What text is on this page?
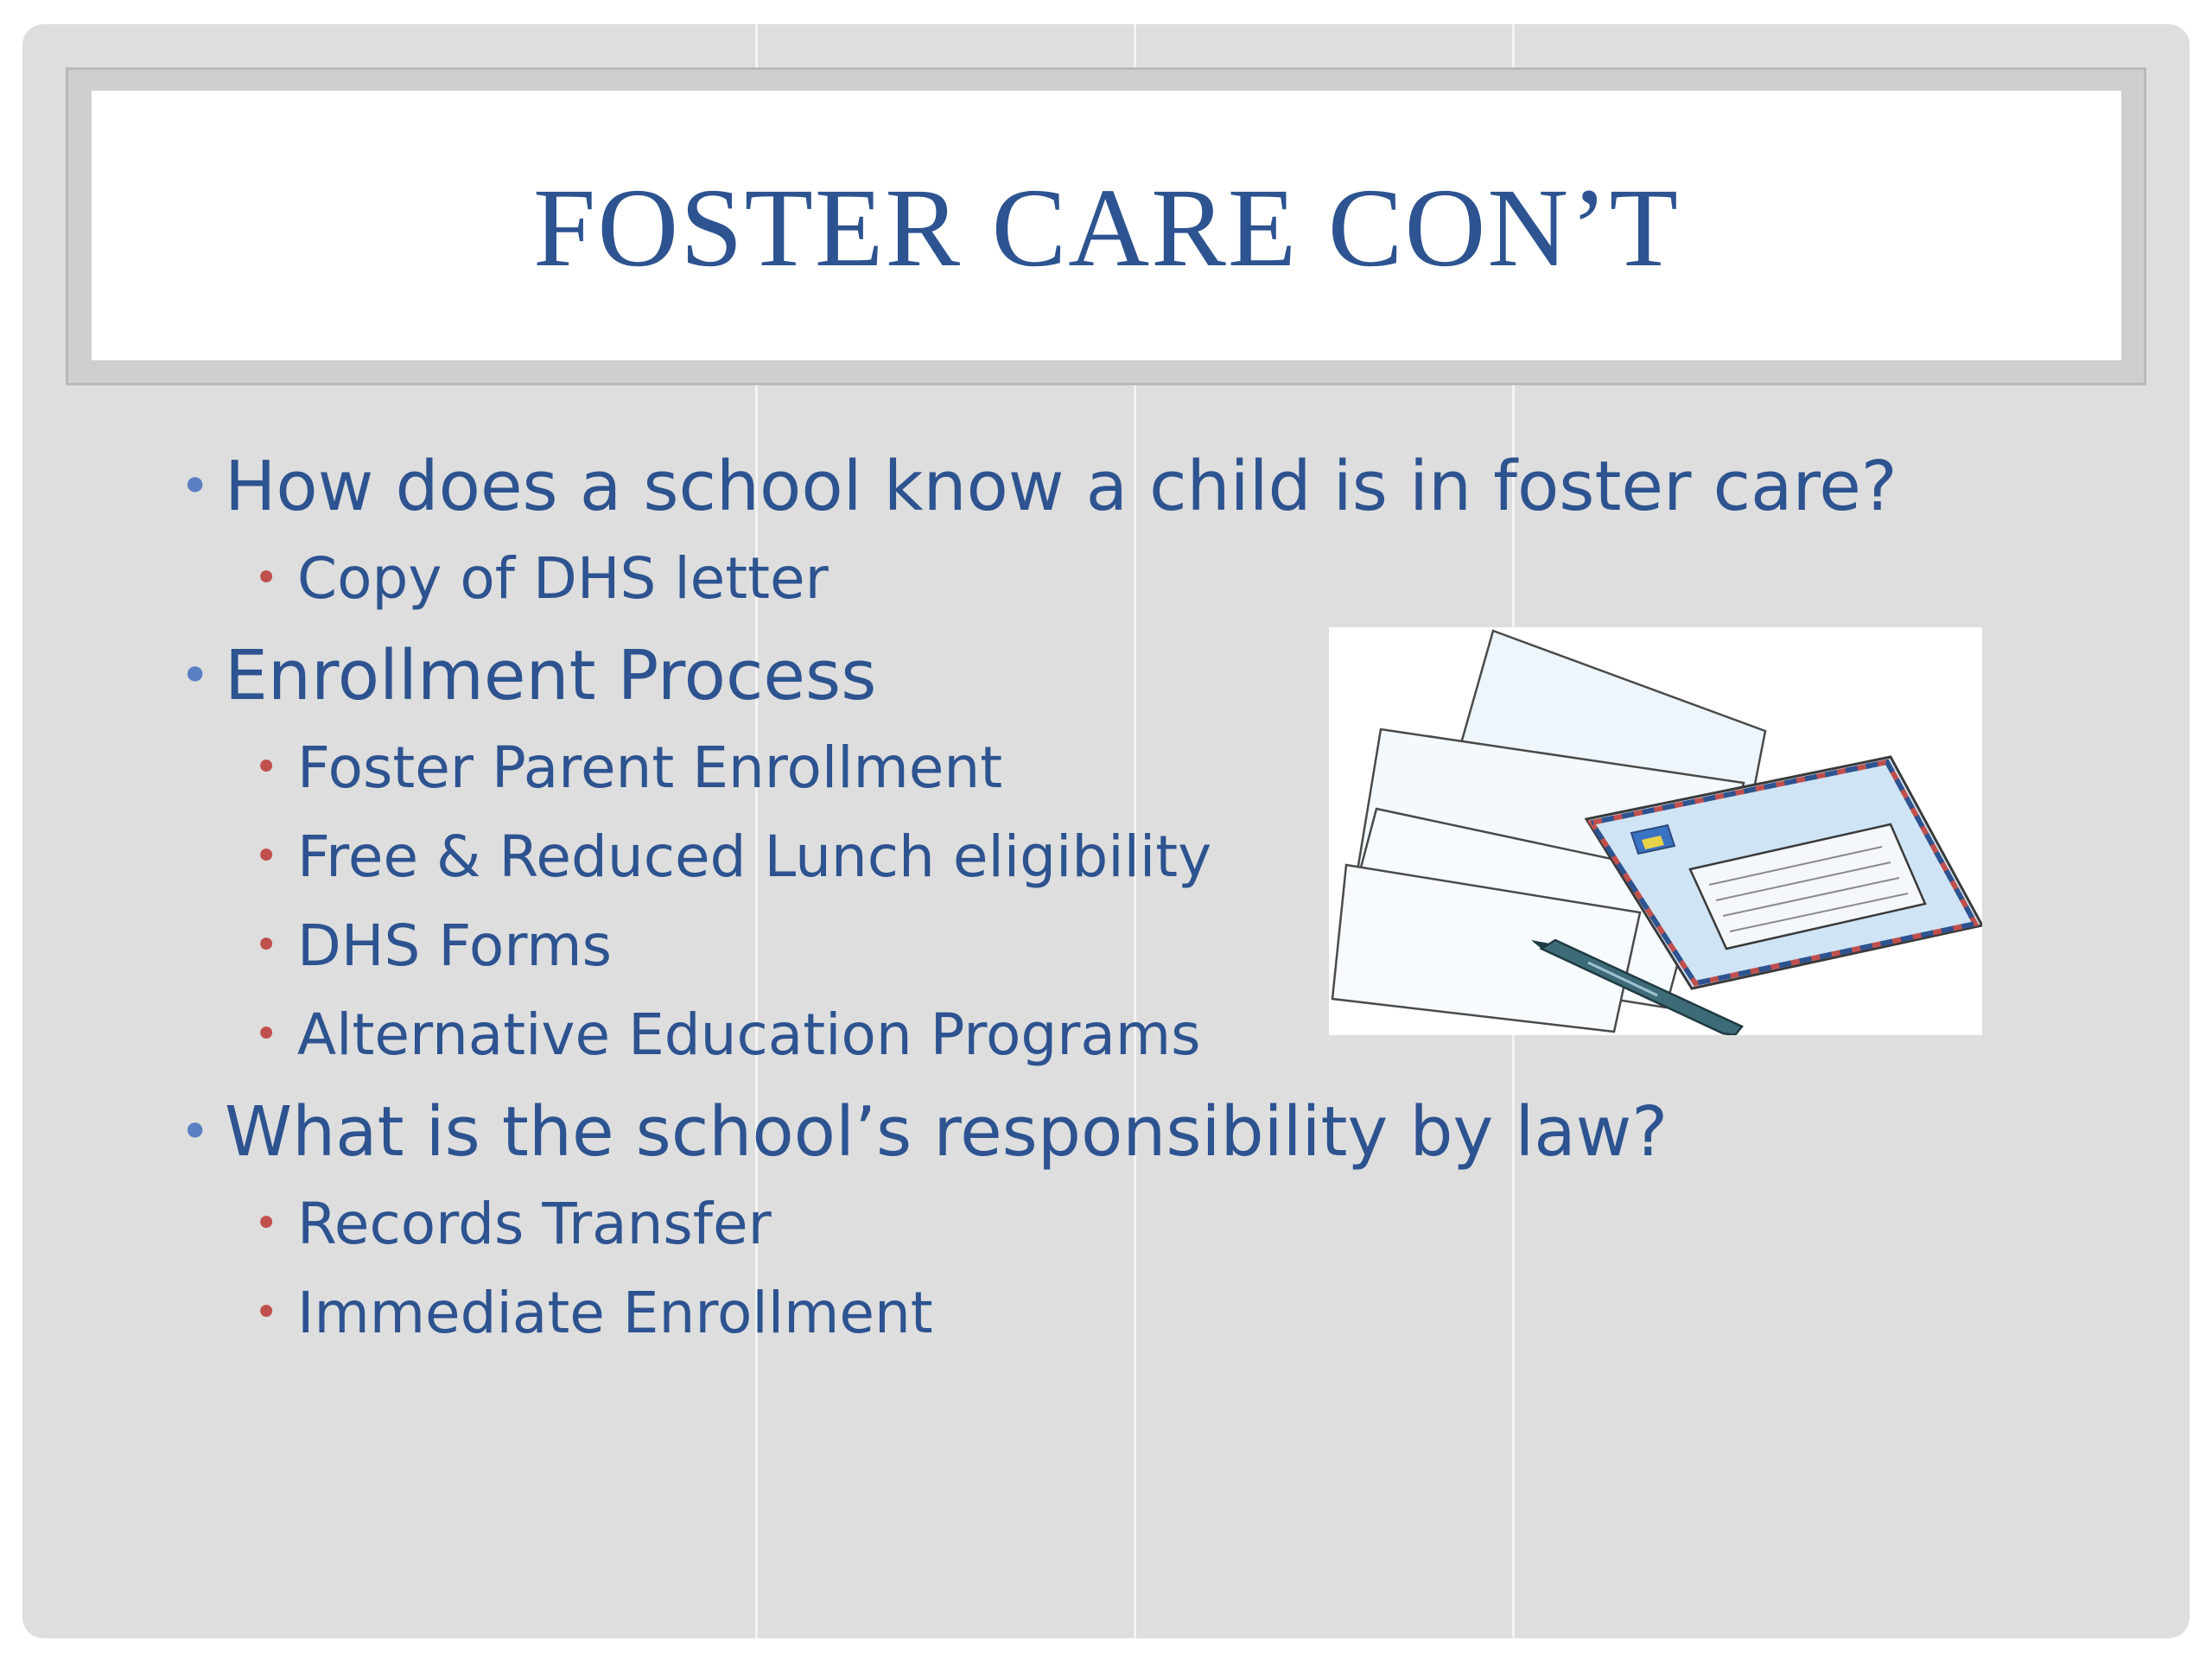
FOSTER CARE CON’T
• How does a school know a child is in foster care?
• Copy of DHS letter
• Enrollment Process
• Foster Parent Enrollment
• Free & Reduced Lunch eligibility
• DHS Forms
• Alternative Education Programs
• What is the school’s responsibility by law?
• Records Transfer
• Immediate Enrollment
